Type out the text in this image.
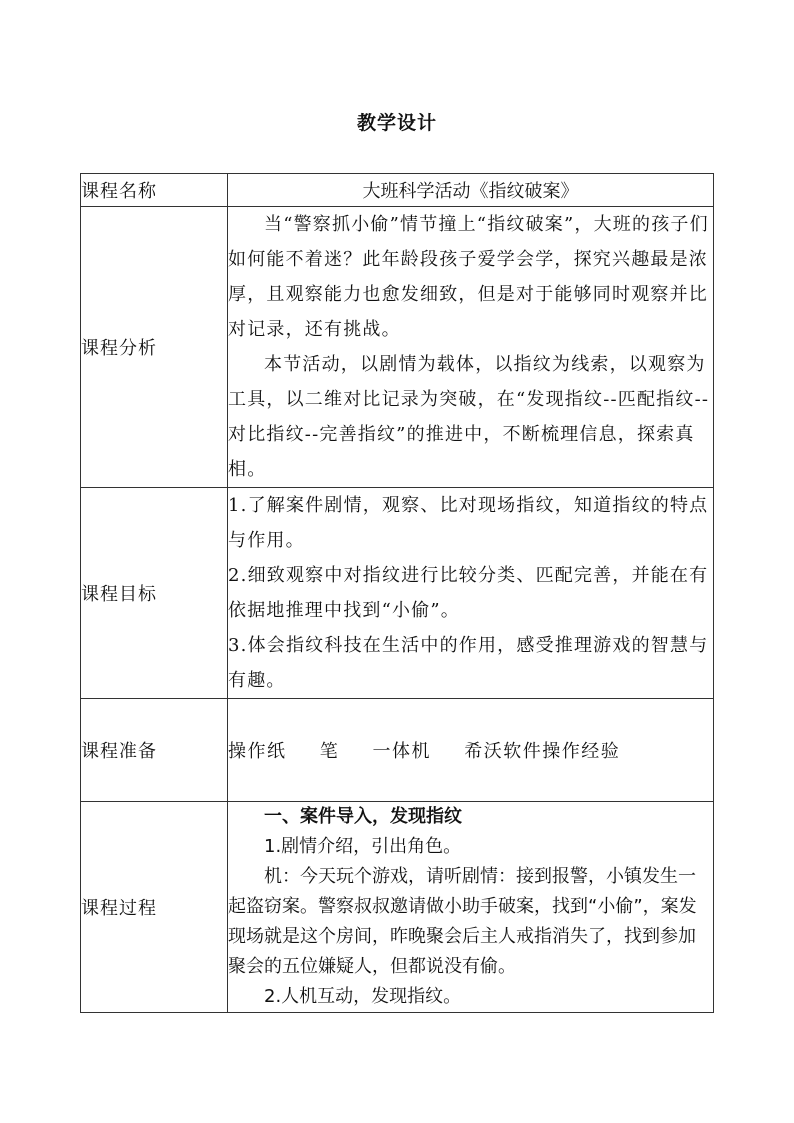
教学设计
课程名称	大班科学活动《指纹破案》
课程分析	当“警察抓小偷”情节撞上“指纹破案”，大班的孩子们如何能不着迷？此年龄段孩子爱学会学，探究兴趣最是浓厚，且观察能力也愈发细致，但是对于能够同时观察并比对记录，还有挑战。

本节活动，以剧情为载体，以指纹为线索，以观察为工具，以二维对比记录为突破，在“发现指纹--匹配指纹--对比指纹--完善指纹”的推进中，不断梳理信息，探索真相。

课程目标	1.了解案件剧情，观察、比对现场指纹，知道指纹的特点与作用。

2.细致观察中对指纹进行比较分类、匹配完善，并能在有依据地推理中找到“小偷”。

3.体会指纹科技在生活中的作用，感受推理游戏的智慧与有趣。

课程准备	操作纸 笔 一体机 希沃软件操作经验
课程过程	一、案件导入，发现指纹

1.剧情介绍，引出角色。

机：今天玩个游戏，请听剧情：接到报警，小镇发生一起盗窃案。警察叔叔邀请做小助手破案，找到“小偷”，案发现场就是这个房间，昨晚聚会后主人戒指消失了，找到参加聚会的五位嫌疑人，但都说没有偷。

2.人机互动，发现指纹。
